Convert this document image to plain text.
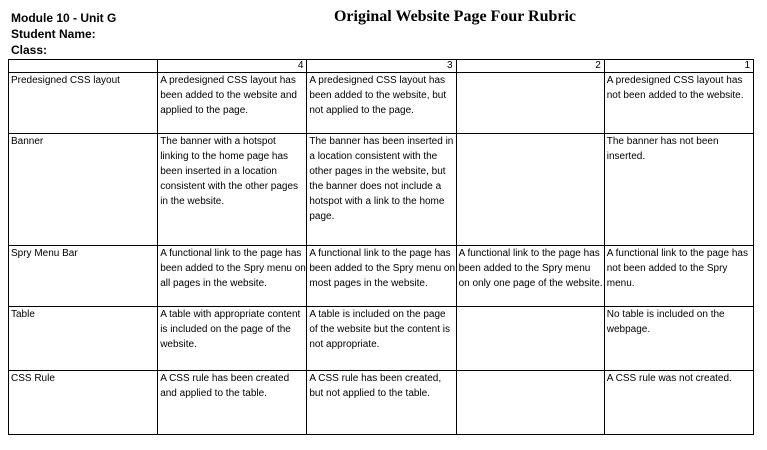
Module 10 - Unit G
Student Name:
Class:
Original Website Page Four Rubric
	4	3	2	1
Predesigned CSS layout	A predesigned CSS layout has been added to the website and applied to the page.	A predesigned CSS layout has been added to the website, but not applied to the page.		A predesigned CSS layout has not been added to the website.
Banner	The banner with a hotspot linking to the home page has been inserted in a location consistent with the other pages in the website.	The banner has been inserted in a location consistent with the other pages in the website, but the banner does not include a hotspot with a link to the home page.		The banner has not been inserted.
Spry Menu Bar	A functional link to the page has been added to the Spry menu on all pages in the website.	A functional link to the page has been added to the Spry menu on most pages in the website.	A functional link to the page has been added to the Spry menu on only one page of the website.	A functional link to the page has not been added to the Spry menu.
Table	A table with appropriate content is included on the page of the website.	A table is included on the page of the website but the content is not appropriate.		No table is included on the webpage.
CSS Rule	A CSS rule has been created and applied to the table.	A CSS rule has been created, but not applied to the table.		A CSS rule was not created.
